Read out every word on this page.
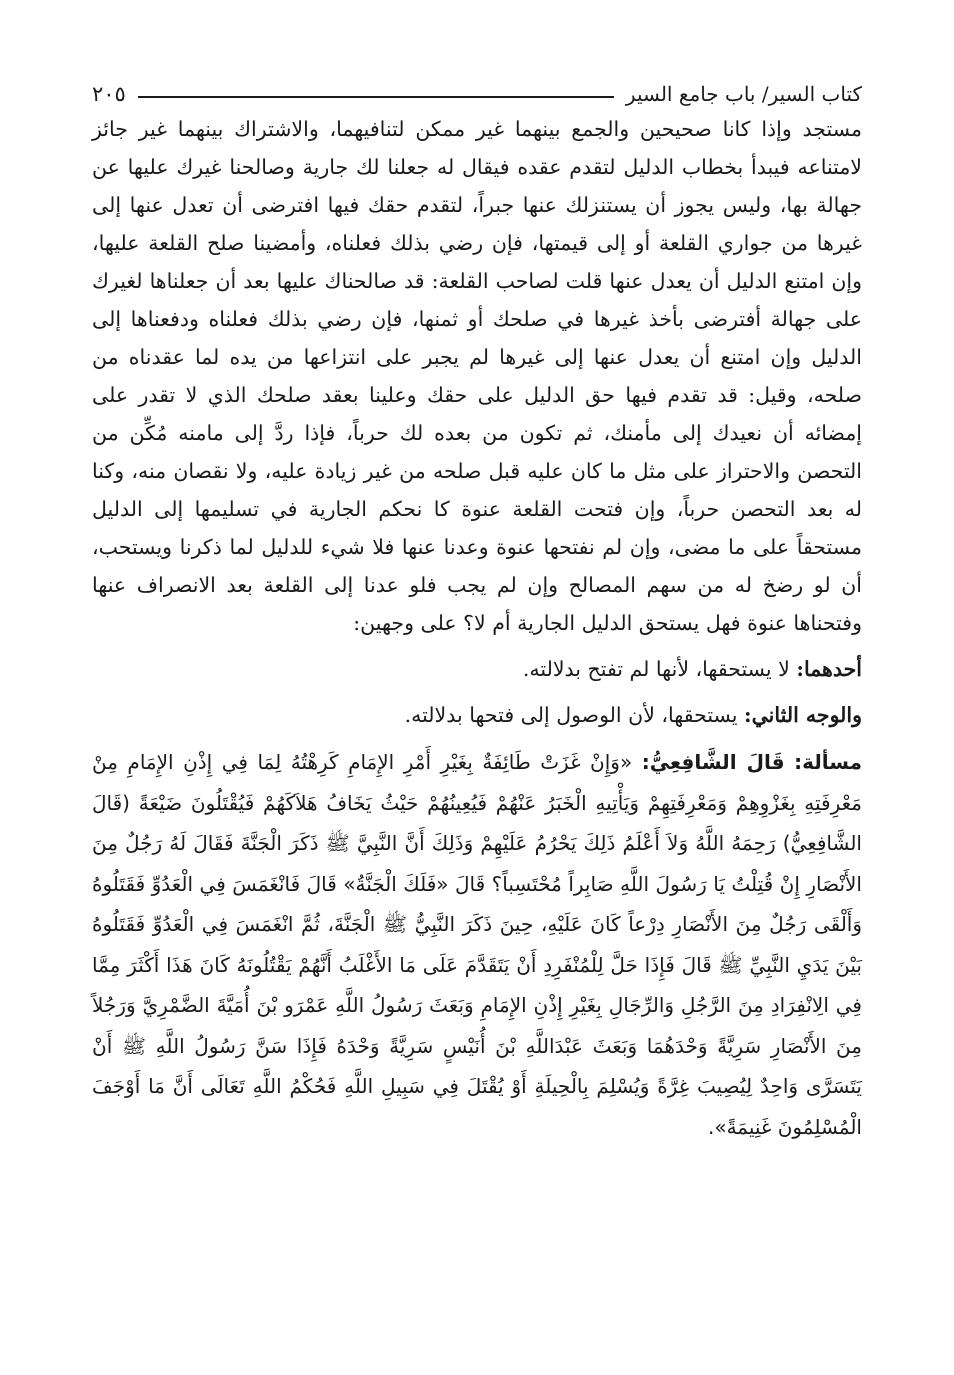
كتاب السير/ باب جامع السير
٢٠٥

مستجد وإذا كانا صحيحين والجمع بينهما غير ممكن لتنافيهما، والاشتراك بينهما غير جائز لامتناعه فيبدأ بخطاب الدليل لتقدم عقده فيقال له جعلنا لك جارية وصالحنا غيرك عليها عن جهالة بها، وليس يجوز أن يستنزلك عنها جبراً، لتقدم حقك فيها افترضى أن تعدل عنها إلى غيرها من جواري القلعة أو إلى قيمتها، فإن رضي بذلك فعلناه، وأمضينا صلح القلعة عليها، وإن امتنع الدليل أن يعدل عنها قلت لصاحب القلعة: قد صالحناك عليها بعد أن جعلناها لغيرك على جهالة أفترضى بأخذ غيرها في صلحك أو ثمنها، فإن رضي بذلك فعلناه ودفعناها إلى الدليل وإن امتنع أن يعدل عنها إلى غيرها لم يجبر على انتزاعها من يده لما عقدناه من صلحه، وقيل: قد تقدم فيها حق الدليل على حقك وعلينا بعقد صلحك الذي لا تقدر على إمضائه أن نعيدك إلى مأمنك، ثم تكون من بعده لك حرباً، فإذا ردَّ إلى مامنه مُكِّن من التحصن والاحتراز على مثل ما كان عليه قبل صلحه من غير زيادة عليه، ولا نقصان منه، وكنا له بعد التحصن حرباً، وإن فتحت القلعة عنوة كا نحكم الجارية في تسليمها إلى الدليل مستحقاً على ما مضى، وإن لم نفتحها عنوة وعدنا عنها فلا شيء للدليل لما ذكرنا ويستحب، أن لو رضخ له من سهم المصالح وإن لم يجب فلو عدنا إلى القلعة بعد الانصراف عنها وفتحناها عنوة فهل يستحق الدليل الجارية أم لا؟ على وجهين:

أحدهما: لا يستحقها، لأنها لم تفتح بدلالته.

والوجه الثاني: يستحقها، لأن الوصول إلى فتحها بدلالته.

مسألة: قَالَ الشَّافِعِيُّ: «وَإِنْ غَزَتْ طَائِفَةٌ بِغَيْرِ أَمْرِ الإِمَامِ كَرِهْتُهُ لِمَا فِي إِذْنِ الإِمَامِ مِنْ مَعْرِفَتِهِ بِغَزْوِهِمْ وَمَعْرِفَتِهِمْ وَيَأْتِيهِ الْخَبَرُ عَنْهُمْ فَيُعِينُهُمْ حَيْثُ يَخَافُ هَلاَكَهُمْ فَيُقْتَلُونَ ضَيْعَةً (قَالَ الشَّافِعِيُّ) رَحِمَهُ اللَّهُ وَلاَ أَعْلَمُ ذَلِكَ يَحْرُمُ عَلَيْهِمْ وَذَلِكَ أَنَّ النَّبِيَّ ﷺ ذَكَرَ الْجَنَّةَ فَقَالَ لَهُ رَجُلٌ مِنَ الأَنْصَارِ إِنْ قُتِلْتُ يَا رَسُولَ اللَّهِ صَابِراً مُحْتَسِباً؟ قَالَ «فَلَكَ الْجَنَّةُ» قَالَ فَانْغَمَسَ فِي الْعَدُوِّ فَقَتَلُوهُ وَأَلْقَى رَجُلٌ مِنَ الأَنْصَارِ دِرْعاً كَانَ عَلَيْهِ، حِينَ ذَكَرَ النَّبِيُّ ﷺ الْجَنَّةَ، ثُمَّ انْغَمَسَ فِي الْعَدُوِّ فَقَتَلُوهُ بَيْنَ يَدَيِ النَّبِيِّ ﷺ قَالَ فَإِذَا حَلَّ لِلْمُنْفَرِدِ أَنْ يَتَقَدَّمَ عَلَى مَا الأَغْلَبُ أَنَّهُمْ يَقْتُلُونَهُ كَانَ هَذَا أَكْثَرَ مِمَّا فِي الِانْفِرَادِ مِنَ الرَّجُلِ وَالرِّجَالِ بِغَيْرِ إِذْنِ الإِمَامِ وَبَعَثَ رَسُولُ اللَّهِ عَمْرَو بْنَ أُمَيَّةَ الضَّمْرِيَّ وَرَجُلاً مِنَ الأَنْصَارِ سَرِيَّةً وَحْدَهُمَا وَبَعَثَ عَبْدَاللَّهِ بْنَ أُنَيْسٍ سَرِيَّةً وَحْدَهُ فَإِذَا سَنَّ رَسُولُ اللَّهِ ﷺ أَنْ يَتَسَرَّى وَاحِدٌ لِيُصِيبَ غِرَّةً وَيُسْلِمَ بِالْحِيلَةِ أَوْ يُقْتَلَ فِي سَبِيلِ اللَّهِ فَحُكْمُ اللَّهِ تَعَالَى أَنَّ مَا أَوْجَفَ الْمُسْلِمُونَ غَنِيمَةً».
